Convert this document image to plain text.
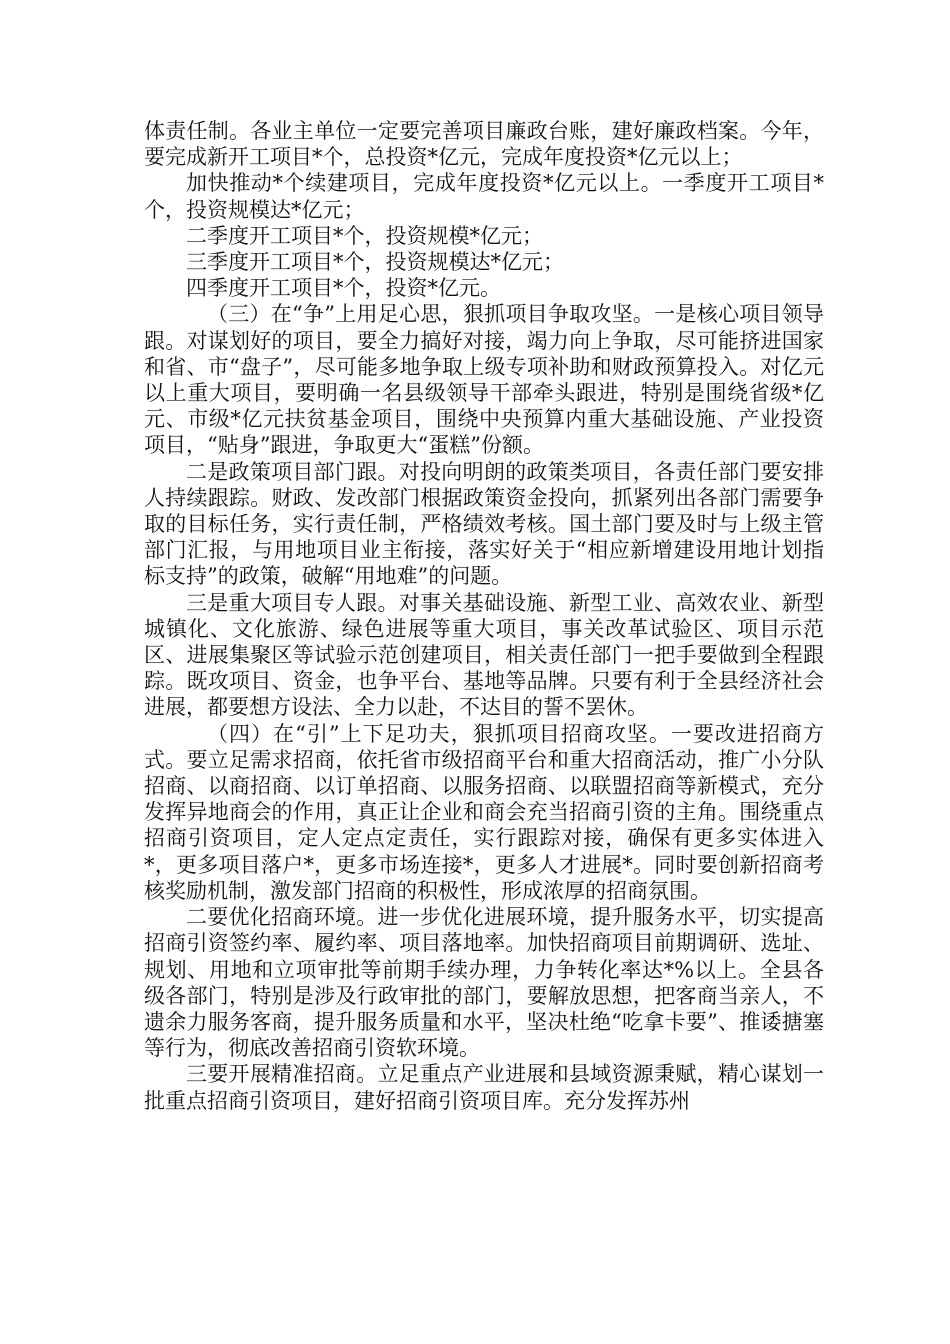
体责任制。各业主单位一定要完善项目廉政台账，建好廉政档案。今年，要完成新开工项目*个，总投资*亿元，完成年度投资*亿元以上；

加快推动*个续建项目，完成年度投资*亿元以上。一季度开工项目*个，投资规模达*亿元；

二季度开工项目*个，投资规模*亿元；

三季度开工项目*个，投资规模达*亿元；

四季度开工项目*个，投资*亿元。

（三）在“争”上用足心思，狠抓项目争取攻坚。一是核心项目领导跟。对谋划好的项目，要全力搞好对接，竭力向上争取，尽可能挤进国家和省、市“盘子”，尽可能多地争取上级专项补助和财政预算投入。对亿元以上重大项目，要明确一名县级领导干部牵头跟进，特别是围绕省级*亿元、市级*亿元扶贫基金项目，围绕中央预算内重大基础设施、产业投资项目，“贴身”跟进，争取更大“蛋糕”份额。

二是政策项目部门跟。对投向明朗的政策类项目，各责任部门要安排人持续跟踪。财政、发改部门根据政策资金投向，抓紧列出各部门需要争取的目标任务，实行责任制，严格绩效考核。国土部门要及时与上级主管部门汇报，与用地项目业主衔接，落实好关于“相应新增建设用地计划指标支持”的政策，破解“用地难”的问题。

三是重大项目专人跟。对事关基础设施、新型工业、高效农业、新型城镇化、文化旅游、绿色进展等重大项目，事关改革试验区、项目示范区、进展集聚区等试验示范创建项目，相关责任部门一把手要做到全程跟踪。既攻项目、资金，也争平台、基地等品牌。只要有利于全县经济社会进展，都要想方设法、全力以赴，不达目的誓不罢休。

（四）在“引”上下足功夫，狠抓项目招商攻坚。一要改进招商方式。要立足需求招商，依托省市级招商平台和重大招商活动，推广小分队招商、以商招商、以订单招商、以服务招商、以联盟招商等新模式，充分发挥异地商会的作用，真正让企业和商会充当招商引资的主角。围绕重点招商引资项目，定人定点定责任，实行跟踪对接，确保有更多实体进入*，更多项目落户*，更多市场连接*，更多人才进展*。同时要创新招商考核奖励机制，激发部门招商的积极性，形成浓厚的招商氛围。

二要优化招商环境。进一步优化进展环境，提升服务水平，切实提高招商引资签约率、履约率、项目落地率。加快招商项目前期调研、选址、规划、用地和立项审批等前期手续办理，力争转化率达*%以上。全县各级各部门，特别是涉及行政审批的部门，要解放思想，把客商当亲人，不遗余力服务客商，提升服务质量和水平，坚决杜绝“吃拿卡要”、推诿搪塞等行为，彻底改善招商引资软环境。

三要开展精准招商。立足重点产业进展和县域资源秉赋，精心谋划一批重点招商引资项目，建好招商引资项目库。充分发挥苏州
